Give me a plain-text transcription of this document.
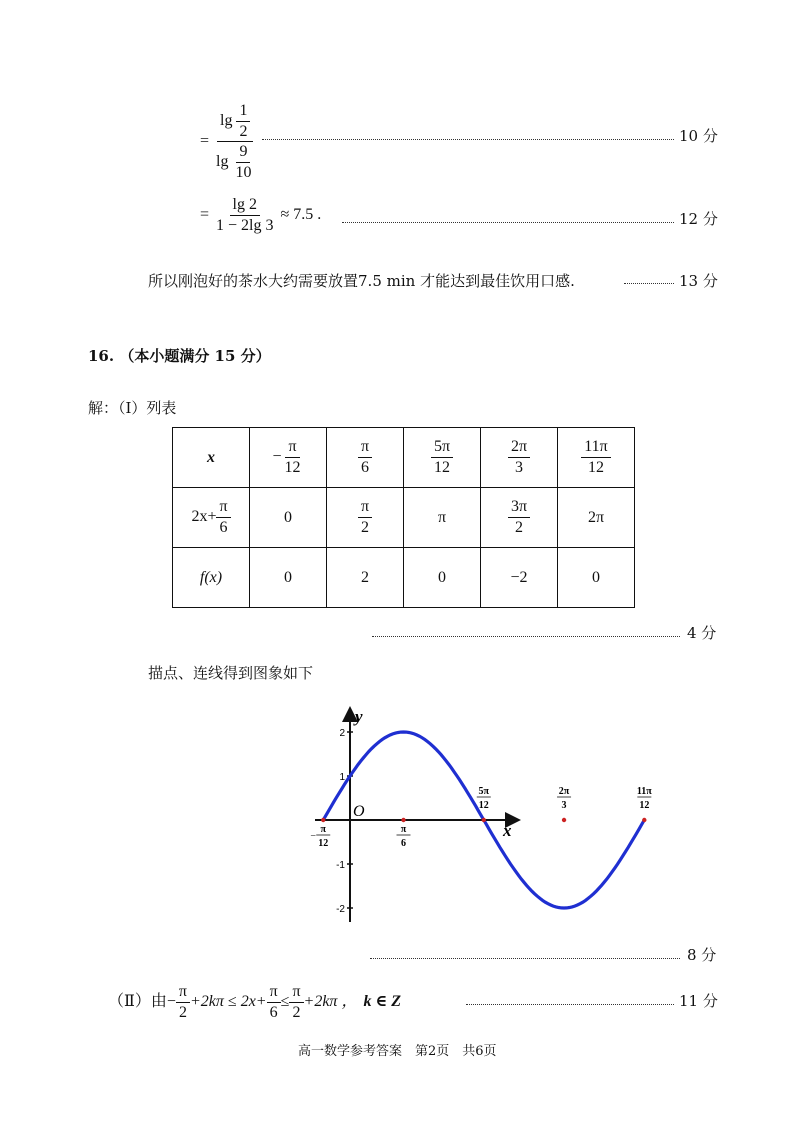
= $\frac{\lg \frac{1}{2}}{\lg \frac{9}{10}}$	10 分
= $\frac{\lg 2}{1 - 2\lg 3} \approx 7.5$ .	12 分
所以刚泡好的茶水大约需要放置7.5 min 才能达到最佳饮用口感.	13 分
16. （本小题满分 15 分）
解：（Ⅰ）列表
x	− $\frac{\pi}{12}$	$\frac{\pi}{6}$	$\frac{5\pi}{12}$	$\frac{2\pi}{3}$	$\frac{11\pi}{12}$

$2x+ \frac{\pi}{6}$	0	$\frac{\pi}{2}$	π	$\frac{3\pi}{2}$	2π
f(x)	0	2	0	−2	0
4 分
描点、连线得到图象如下
2
1
-1
-2
π
12
−
π
6
5π
12
2π
3
11π
12
x
y
O
8 分
（Ⅱ）由− $\frac{\pi}{2} +2k\pi \le 2x+ \frac{\pi}{6} \le \frac{\pi}{2} +2k\pi$ ， k ∈ Z	11 分
高一数学参考答案　第2页　共6页
